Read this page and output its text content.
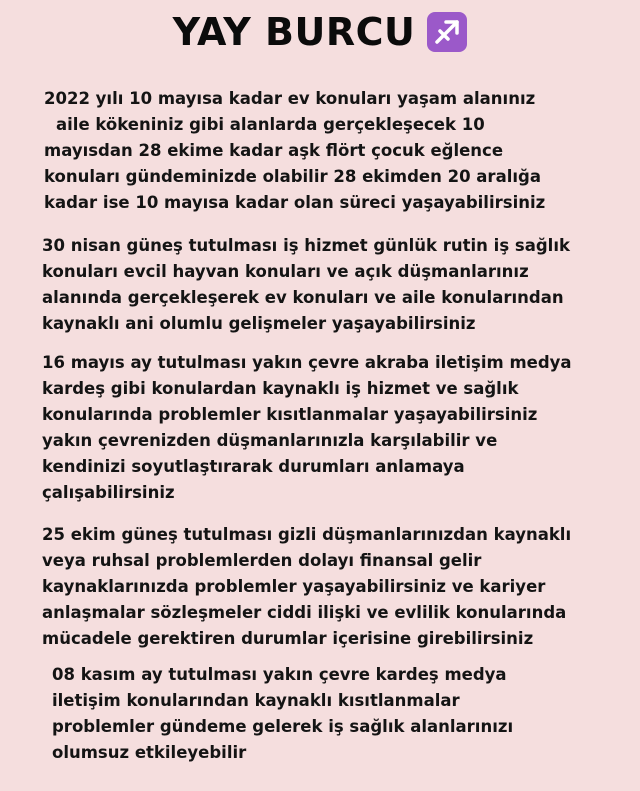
YAY BURCU
2022 yılı 10 mayısa kadar ev konuları yaşam alanınız
aile kökeniniz gibi alanlarda gerçekleşecek 10
mayısdan 28 ekime kadar aşk flört çocuk eğlence
konuları gündeminizde olabilir 28 ekimden 20 aralığa
kadar ise 10 mayısa kadar olan süreci yaşayabilirsiniz
30 nisan güneş tutulması iş hizmet günlük rutin iş sağlık
konuları evcil hayvan konuları ve açık düşmanlarınız
alanında gerçekleşerek ev konuları ve aile konularından
kaynaklı ani olumlu gelişmeler yaşayabilirsiniz
16 mayıs ay tutulması yakın çevre akraba iletişim medya
kardeş gibi konulardan kaynaklı iş hizmet ve sağlık
konularında problemler kısıtlanmalar yaşayabilirsiniz
yakın çevrenizden düşmanlarınızla karşılabilir ve
kendinizi soyutlaştırarak durumları anlamaya
çalışabilirsiniz
25 ekim güneş tutulması gizli düşmanlarınızdan kaynaklı
veya ruhsal problemlerden dolayı finansal gelir
kaynaklarınızda problemler yaşayabilirsiniz ve kariyer
anlaşmalar sözleşmeler ciddi ilişki ve evlilik konularında
mücadele gerektiren durumlar içerisine girebilirsiniz
08 kasım ay tutulması yakın çevre kardeş medya
iletişim konularından kaynaklı kısıtlanmalar
problemler gündeme gelerek iş sağlık alanlarınızı
olumsuz etkileyebilir
